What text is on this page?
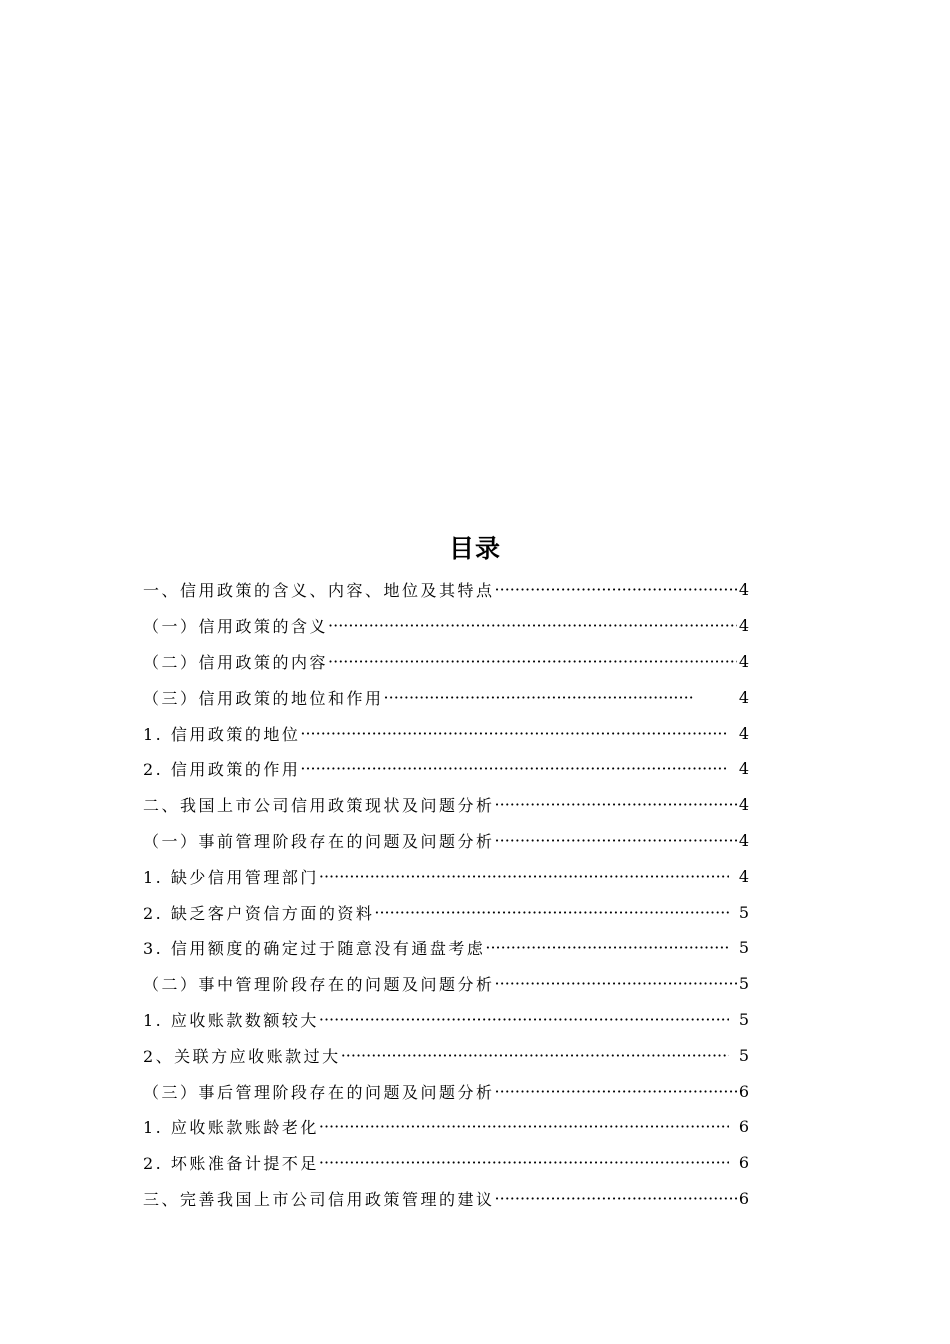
目录
一、信用政策的含义、内容、地位及其特点 ·····	4
（一）信用政策的含义 ·····	4
（二）信用政策的内容 ·····	4
（三）信用政策的地位和作用 ·····	4
1. 信用政策的地位 ·····	4
2. 信用政策的作用 ·····	4
二、我国上市公司信用政策现状及问题分析 ·····	4
（一）事前管理阶段存在的问题及问题分析 ·····	4
1. 缺少信用管理部门 ·····	4
2. 缺乏客户资信方面的资料 ·····	5
3. 信用额度的确定过于随意没有通盘考虑 ·····	5
（二）事中管理阶段存在的问题及问题分析 ·····	5
1. 应收账款数额较大 ·····	5
2、关联方应收账款过大 ·····	5
（三）事后管理阶段存在的问题及问题分析 ·····	6
1. 应收账款账龄老化 ·····	6
2. 坏账准备计提不足 ·····	6
三、完善我国上市公司信用政策管理的建议 ·····	6
